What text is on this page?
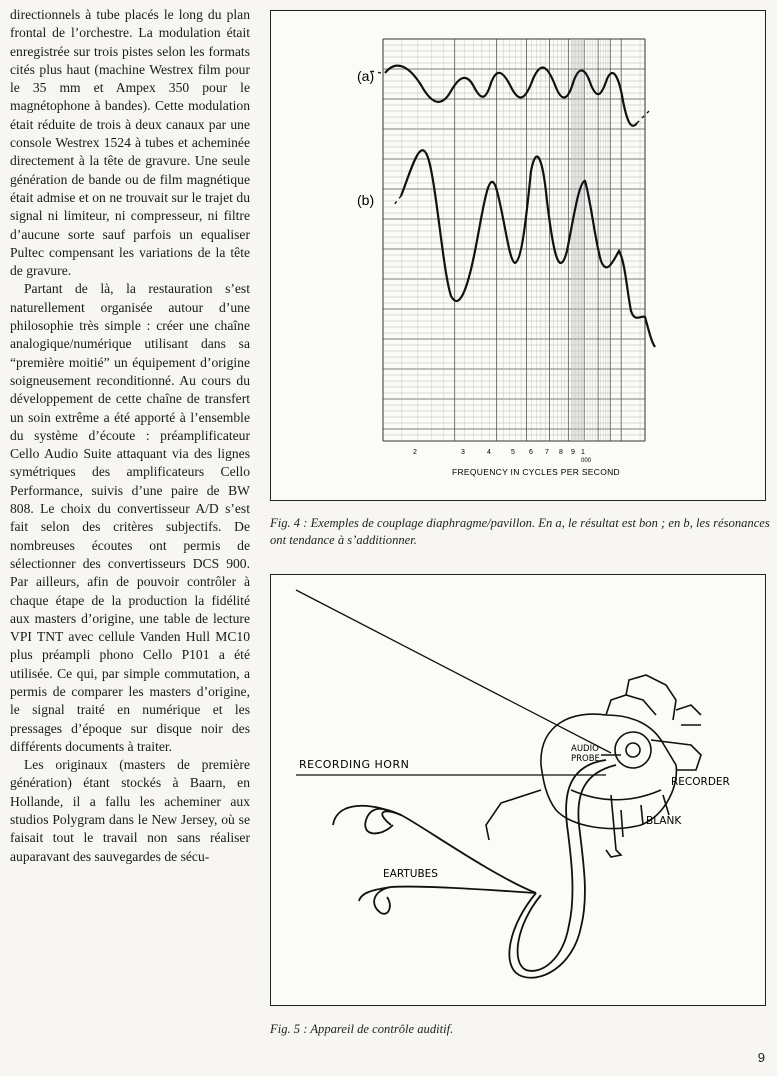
directionnels à tube placés le long du plan frontal de l’orchestre. La modulation était enregistrée sur trois pistes selon les formats cités plus haut (machine Westrex film pour le 35 mm et Ampex 350 pour le magnétophone à bandes). Cette modulation était réduite de trois à deux canaux par une console Westrex 1524 à tubes et acheminée directement à la tête de gravure. Une seule génération de bande ou de film magnétique était admise et on ne trouvait sur le trajet du signal ni limiteur, ni compresseur, ni filtre d’aucune sorte sauf parfois un equaliser Pultec compensant les variations de la tête de gravure.

Partant de là, la restauration s’est naturellement organisée autour d’une philosophie très simple : créer une chaîne analogique/numérique utilisant dans sa “première moitié” un équipement d’origine soigneusement reconditionné. Au cours du développement de cette chaîne de transfert un soin extrême a été apporté à l’ensemble du système d’écoute : préamplificateur Cello Audio Suite attaquant via des lignes symétriques des amplificateurs Cello Performance, suivis d’une paire de BW 808. Le choix du convertisseur A/D s’est fait selon des critères subjectifs. De nombreuses écoutes ont permis de sélectionner des convertisseurs DCS 900. Par ailleurs, afin de pouvoir contrôler à chaque étape de la production la fidélité aux masters d’origine, une table de lecture VPI TNT avec cellule Vanden Hull MC10 plus préampli phono Cello P101 a été utilisée. Ce qui, par simple commutation, a permis de comparer les masters d’origine, le signal traité en numérique et les pressages d’époque sur disque noir des différents documents à traiter.

Les originaux (masters de première génération) étant stockés à Baarn, en Hollande, il a fallu les acheminer aux studios Polygram dans le New Jersey, où se faisait tout le travail non sans réaliser auparavant des sauvegardes de sécu-

(a)
(b)
2	3	4	5 6 7 8 9 1
000
FREQUENCY IN CYCLES PER SECOND
Fig. 4 : Exemples de couplage diaphragme/pavillon. En a, le résultat est bon ; en b, les résonances ont tendance à s’additionner.
RECORDING HORN
AUDIO
PROBE
RECORDER
BLANK
EARTUBES
Fig. 5 : Appareil de contrôle auditif.
9
